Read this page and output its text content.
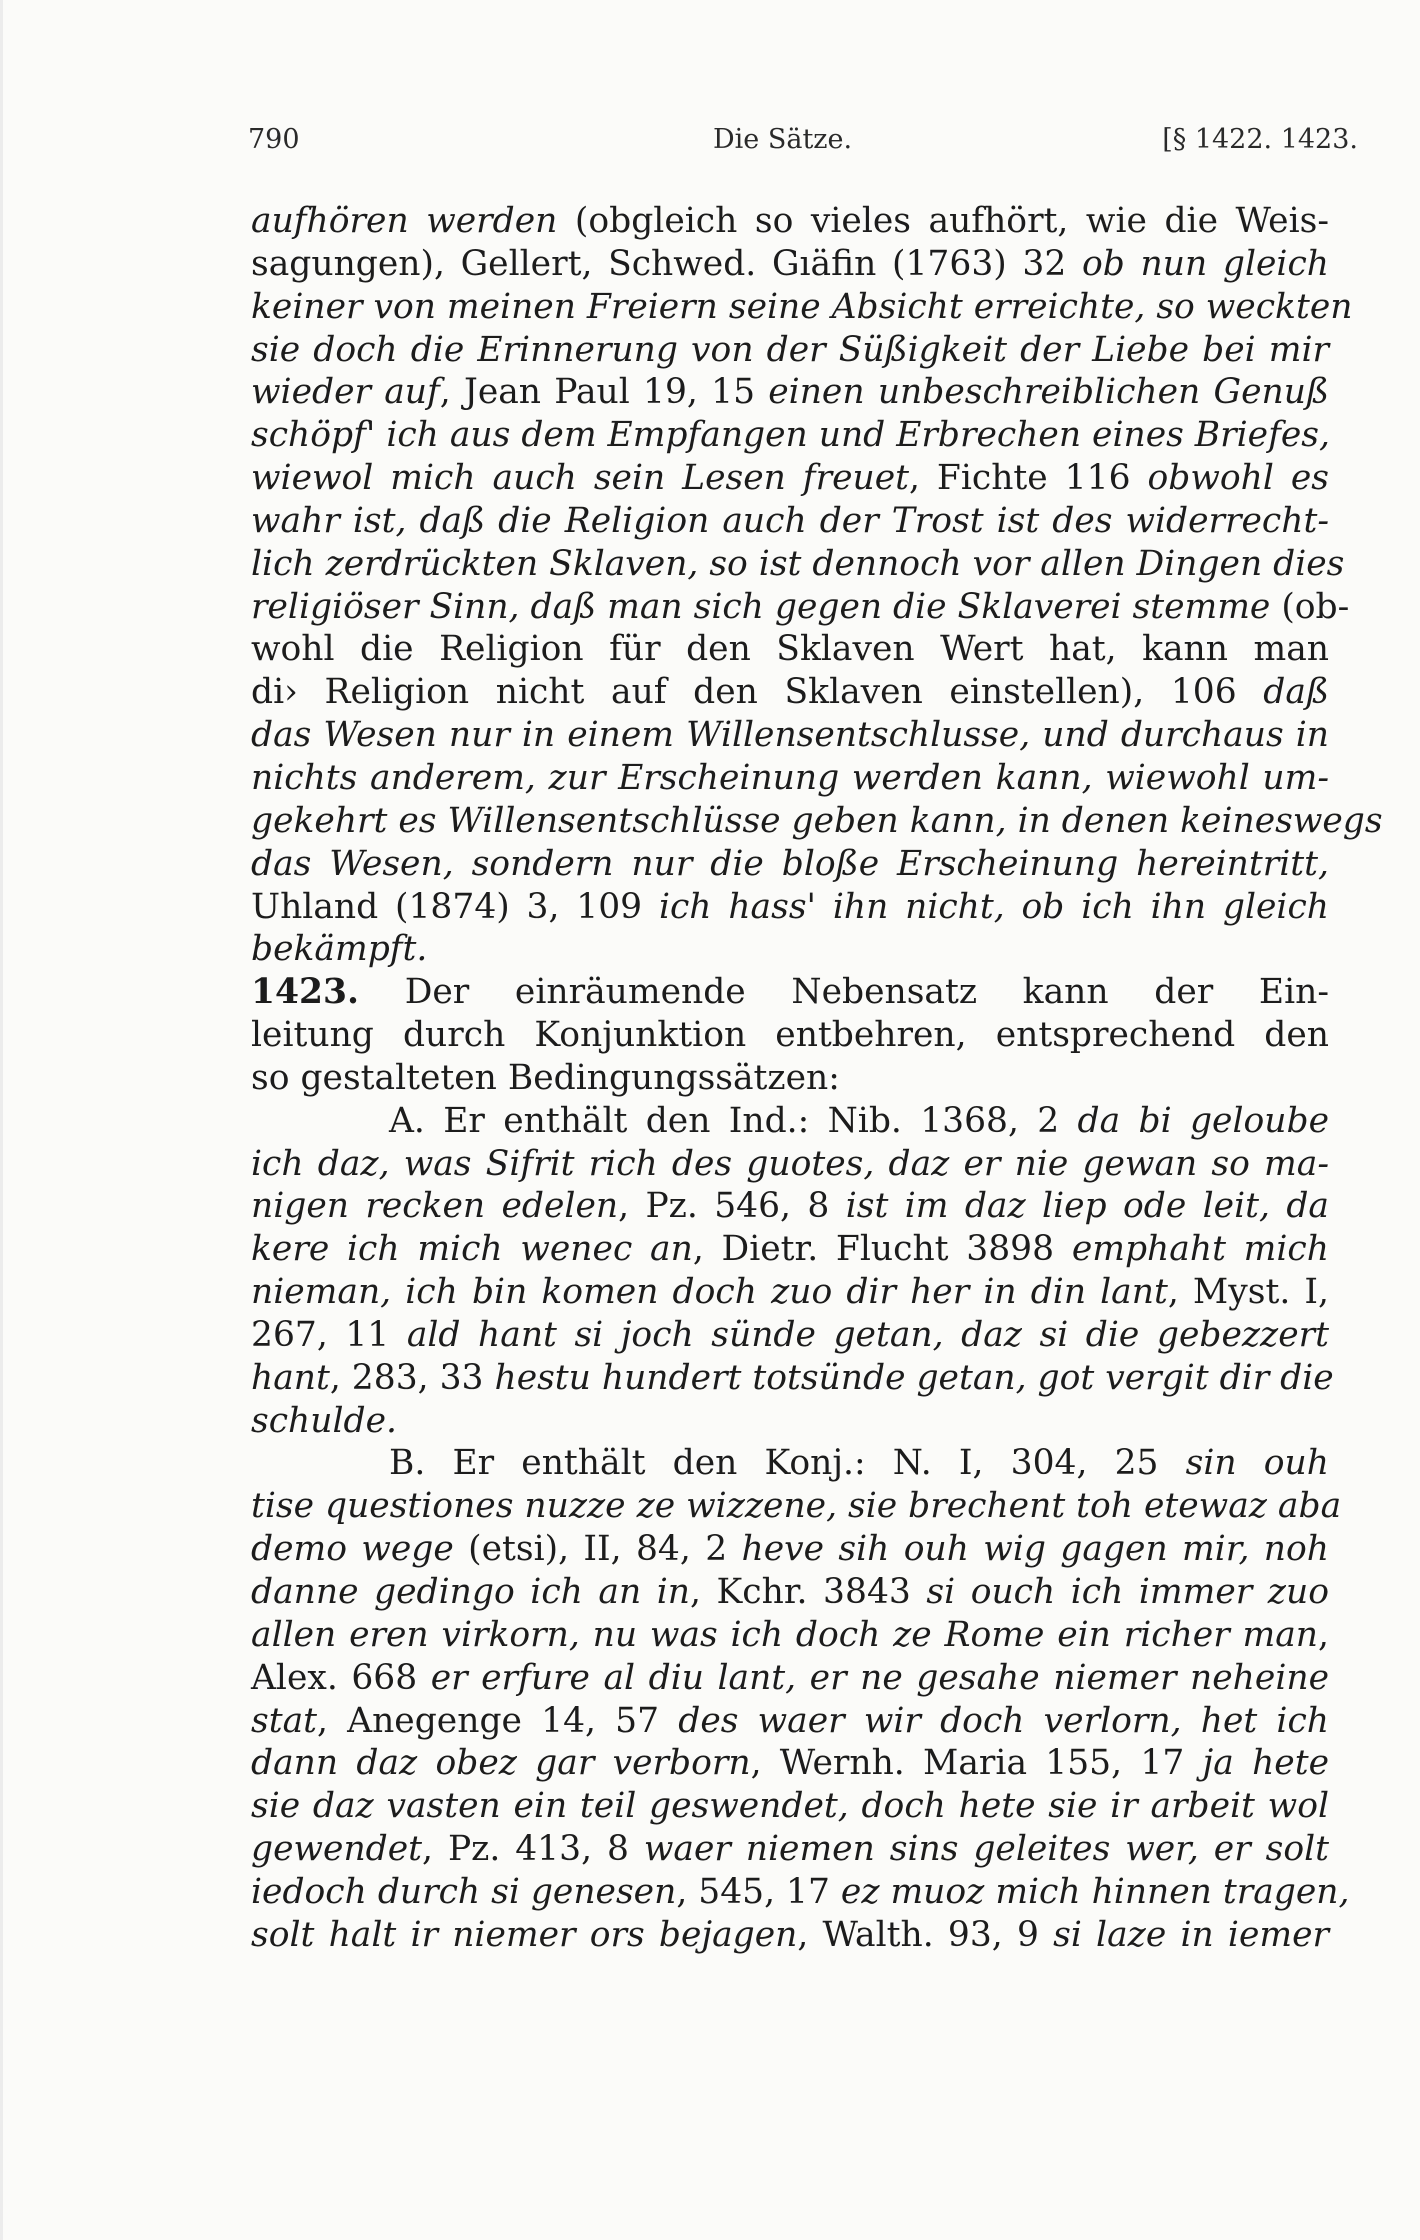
790	Die Sätze.	[§ 1422. 1423.
aufhören werden (obgleich so vieles aufhört, wie die Weis-
sagungen), Gellert, Schwed. Gıäfin (1763) 32 ob nun gleich
keiner von meinen Freiern seine Absicht erreichte, so weckten
sie doch die Erinnerung von der Süßigkeit der Liebe bei mir
wieder auf, Jean Paul 19, 15 einen unbeschreiblichen Genuß
schöpf' ich aus dem Empfangen und Erbrechen eines Briefes,
wiewol mich auch sein Lesen freuet, Fichte 116 obwohl es
wahr ist, daß die Religion auch der Trost ist des widerrecht-
lich zerdrückten Sklaven, so ist dennoch vor allen Dingen dies
religiöser Sinn, daß man sich gegen die Sklaverei stemme (ob-
wohl die Religion für den Sklaven Wert hat, kann man
di› Religion nicht auf den Sklaven einstellen), 106 daß
das Wesen nur in einem Willensentschlusse, und durchaus in
nichts anderem, zur Erscheinung werden kann, wiewohl um-
gekehrt es Willensentschlüsse geben kann, in denen keineswegs
das Wesen, sondern nur die bloße Erscheinung hereintritt,
Uhland (1874) 3, 109 ich hass' ihn nicht, ob ich ihn gleich
bekämpft.
1423. Der einräumende Nebensatz kann der Ein-
leitung durch Konjunktion entbehren, entsprechend den
so gestalteten Bedingungssätzen:
A. Er enthält den Ind.: Nib. 1368, 2 da bi geloube
ich daz, was Sifrit rich des guotes, daz er nie gewan so ma-
nigen recken edelen, Pz. 546, 8 ist im daz liep ode leit, da
kere ich mich wenec an, Dietr. Flucht 3898 emphaht mich
nieman, ich bin komen doch zuo dir her in din lant, Myst. I,
267, 11 ald hant si joch sünde getan, daz si die gebezzert
hant, 283, 33 hestu hundert totsünde getan, got vergit dir die
schulde.
B. Er enthält den Konj.: N. I, 304, 25 sin ouh
tise questiones nuzze ze wizzene, sie brechent toh etewaz aba
demo wege (etsi), II, 84, 2 heve sih ouh wig gagen mir, noh
danne gedingo ich an in, Kchr. 3843 si ouch ich immer zuo
allen eren virkorn, nu was ich doch ze Rome ein richer man,
Alex. 668 er erfure al diu lant, er ne gesahe niemer neheine
stat, Anegenge 14, 57 des waer wir doch verlorn, het ich
dann daz obez gar verborn, Wernh. Maria 155, 17 ja hete
sie daz vasten ein teil geswendet, doch hete sie ir arbeit wol
gewendet, Pz. 413, 8 waer niemen sins geleites wer, er solt
iedoch durch si genesen, 545, 17 ez muoz mich hinnen tragen,
solt halt ir niemer ors bejagen, Walth. 93, 9 si laze in iemer
